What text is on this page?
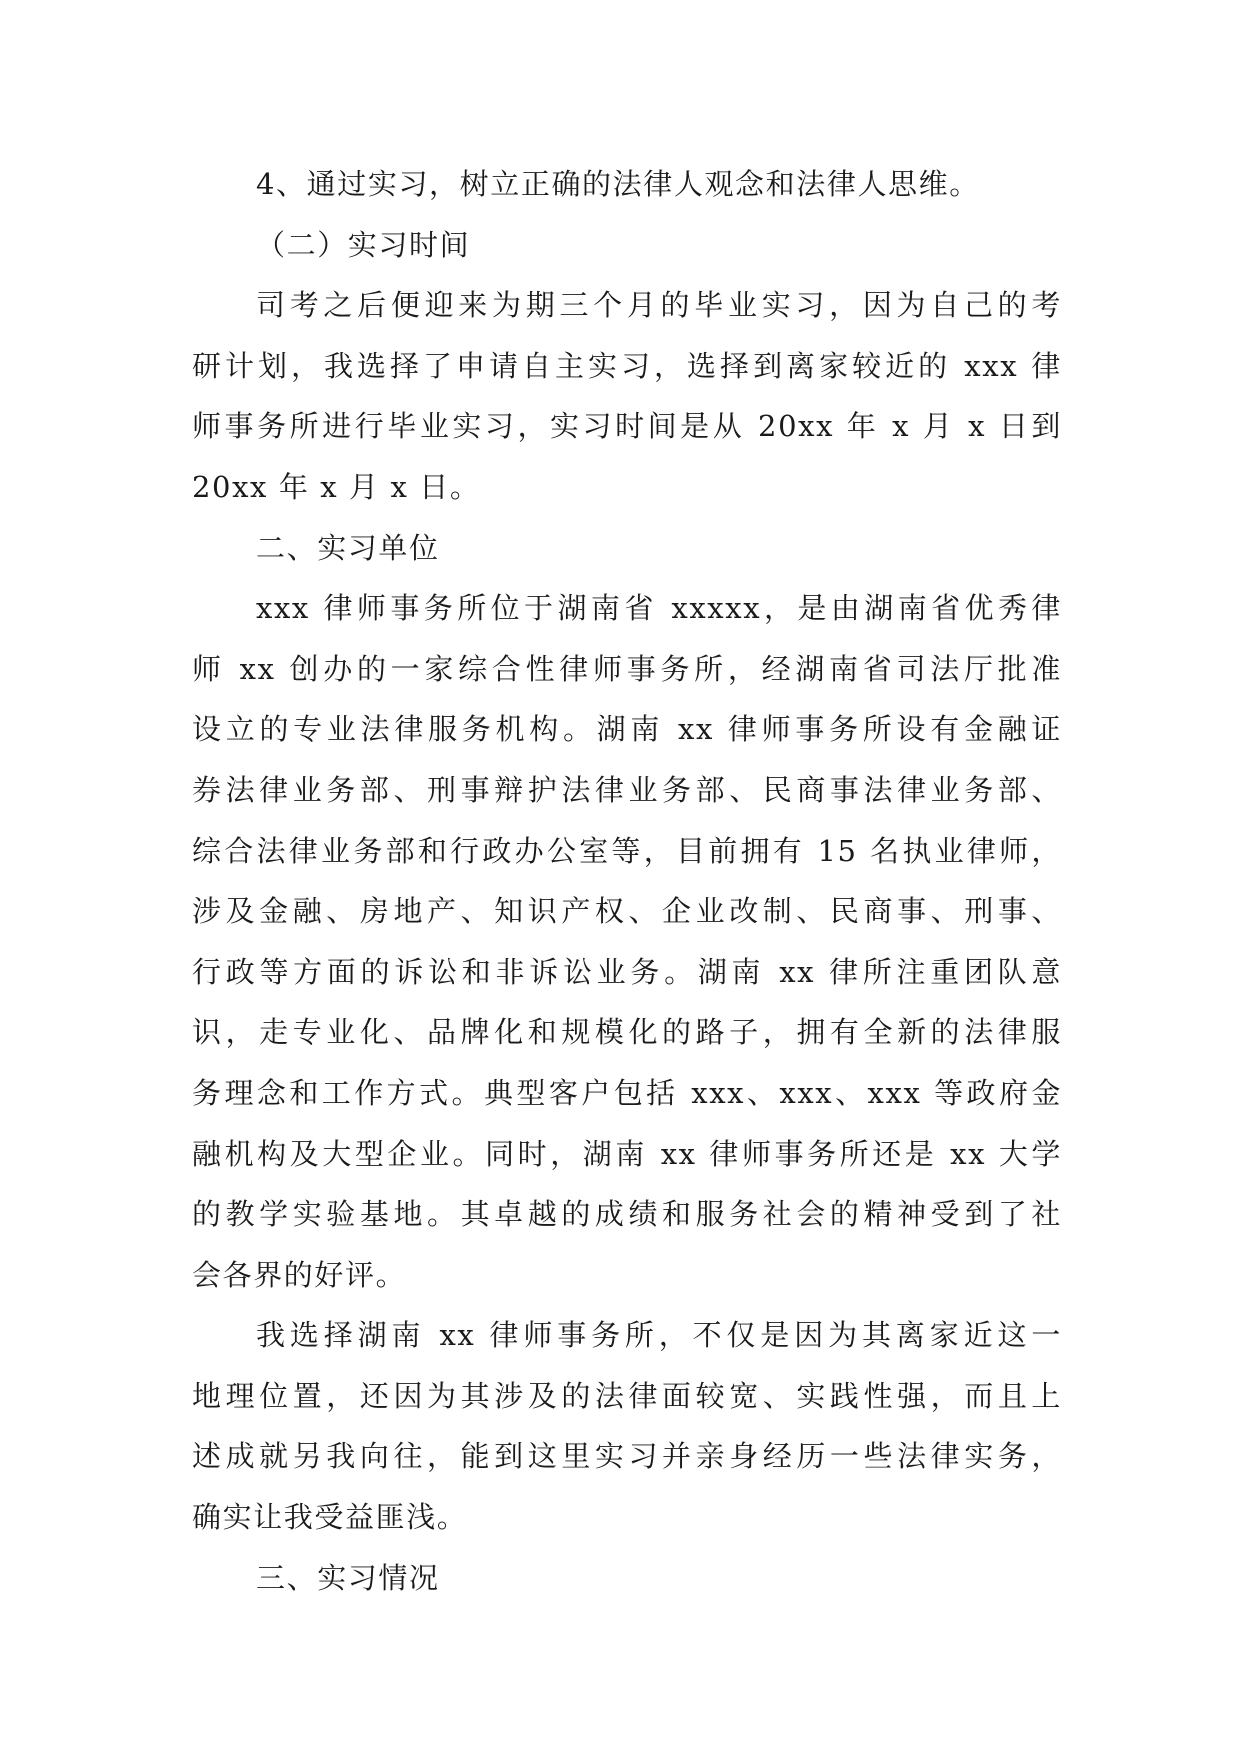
4、通过实习，树立正确的法律人观念和法律人思维。
（二）实习时间
司考之后便迎来为期三个月的毕业实习，因为自己的考
研计划，我选择了申请自主实习，选择到离家较近的 xxx 律
师事务所进行毕业实习，实习时间是从 20xx 年 x 月 x 日到
20xx 年 x 月 x 日。
二、实习单位
xxx 律师事务所位于湖南省 xxxxx，是由湖南省优秀律
师 xx 创办的一家综合性律师事务所，经湖南省司法厅批准
设立的专业法律服务机构。湖南 xx 律师事务所设有金融证
券法律业务部、刑事辩护法律业务部、民商事法律业务部、
综合法律业务部和行政办公室等，目前拥有 15 名执业律师，
涉及金融、房地产、知识产权、企业改制、民商事、刑事、
行政等方面的诉讼和非诉讼业务。湖南 xx 律所注重团队意
识，走专业化、品牌化和规模化的路子，拥有全新的法律服
务理念和工作方式。典型客户包括 xxx、xxx、xxx 等政府金
融机构及大型企业。同时，湖南 xx 律师事务所还是 xx 大学
的教学实验基地。其卓越的成绩和服务社会的精神受到了社
会各界的好评。
我选择湖南 xx 律师事务所，不仅是因为其离家近这一
地理位置，还因为其涉及的法律面较宽、实践性强，而且上
述成就另我向往，能到这里实习并亲身经历一些法律实务，
确实让我受益匪浅。
三、实习情况
